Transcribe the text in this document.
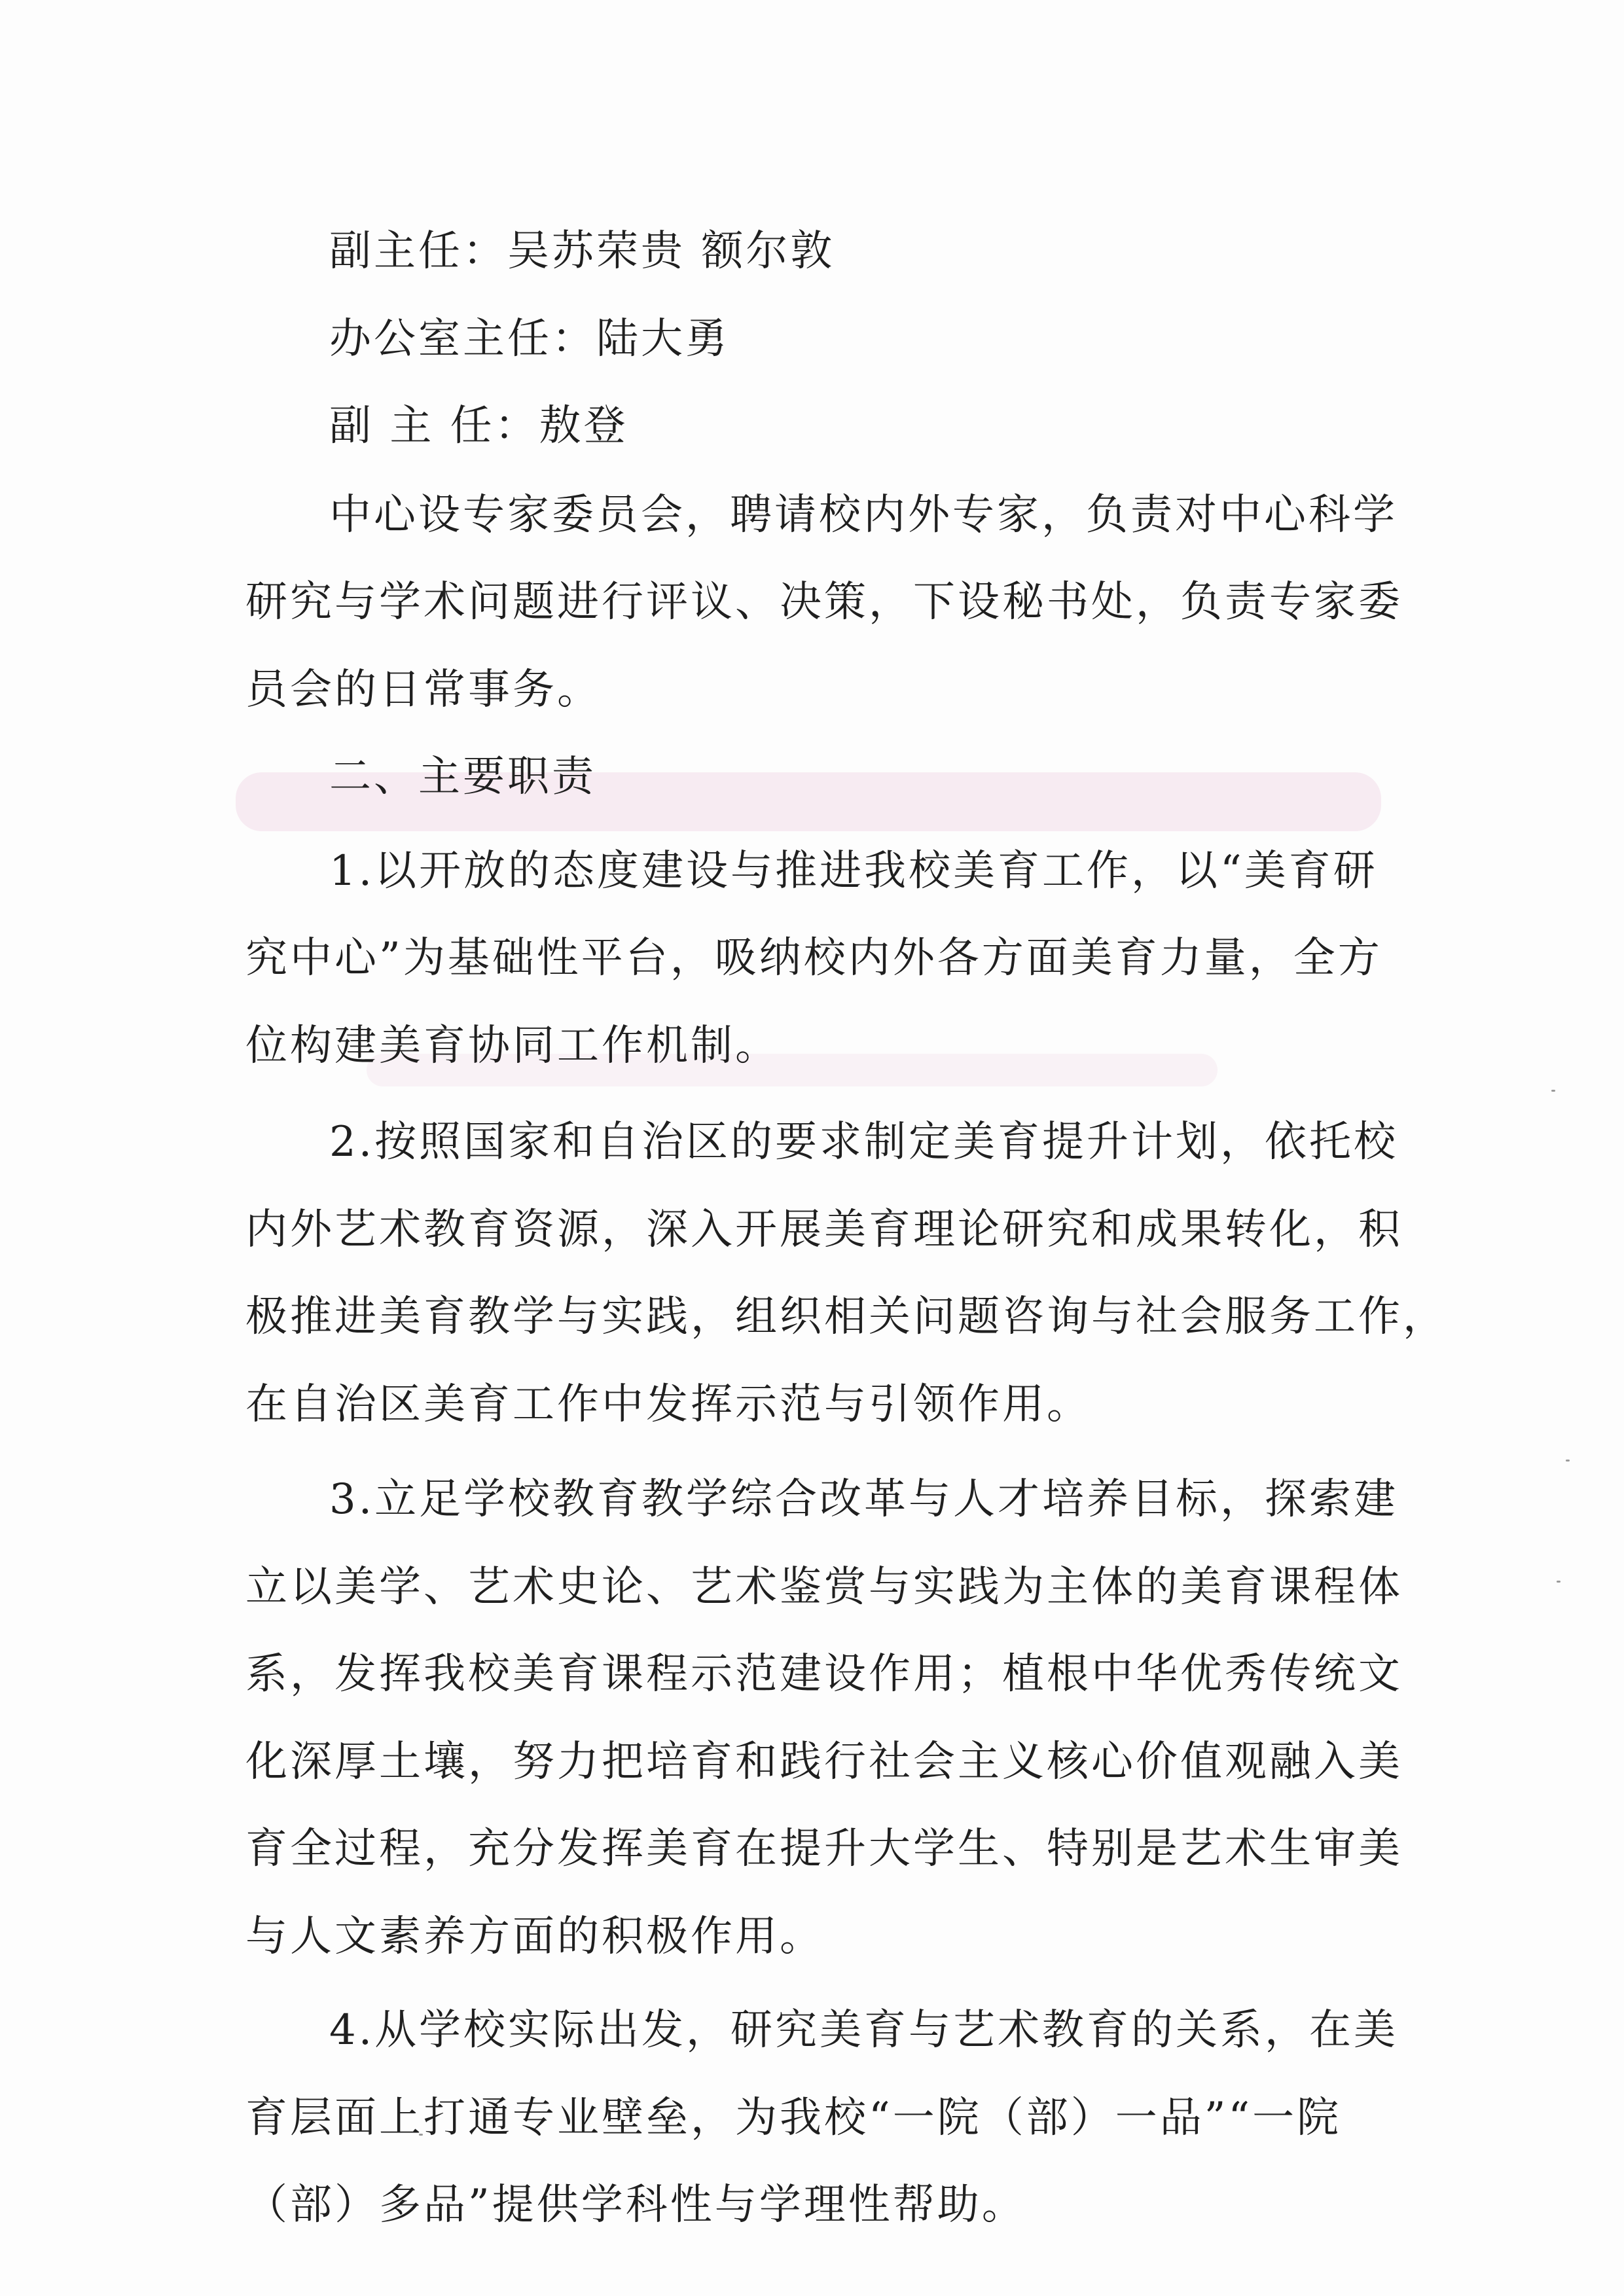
副主任：吴苏荣贵 额尔敦
办公室主任：陆大勇
副 主 任：敖登
中心设专家委员会，聘请校内外专家，负责对中心科学
研究与学术问题进行评议、决策，下设秘书处，负责专家委
员会的日常事务。
二、主要职责
1.以开放的态度建设与推进我校美育工作，以“美育研
究中心”为基础性平台，吸纳校内外各方面美育力量，全方
位构建美育协同工作机制。
2.按照国家和自治区的要求制定美育提升计划，依托校
内外艺术教育资源，深入开展美育理论研究和成果转化，积
极推进美育教学与实践，组织相关问题咨询与社会服务工作，
在自治区美育工作中发挥示范与引领作用。
3.立足学校教育教学综合改革与人才培养目标，探索建
立以美学、艺术史论、艺术鉴赏与实践为主体的美育课程体
系，发挥我校美育课程示范建设作用；植根中华优秀传统文
化深厚土壤，努力把培育和践行社会主义核心价值观融入美
育全过程，充分发挥美育在提升大学生、特别是艺术生审美
与人文素养方面的积极作用。
4.从学校实际出发，研究美育与艺术教育的关系，在美
育层面上打通专业壁垒，为我校“一院（部）一品”“一院
（部）多品”提供学科性与学理性帮助。
